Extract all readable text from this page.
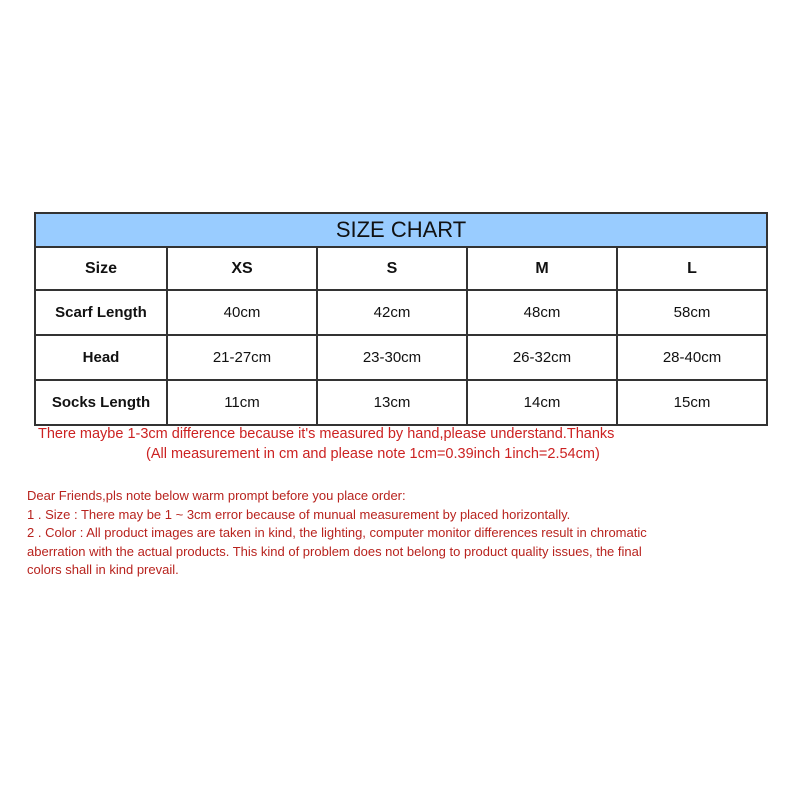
SIZE CHART				
Size	XS	S	M	L
Scarf Length	40cm	42cm	48cm	58cm
Head	21-27cm	23-30cm	26-32cm	28-40cm
Socks Length	11cm	13cm	14cm	15cm
There maybe 1-3cm difference because it's measured by hand,please understand.Thanks
(All measurement in cm and please note 1cm=0.39inch 1inch=2.54cm)
Dear Friends,pls note below warm prompt before you place order:
1 . Size : There may be 1 ~ 3cm error because of munual measurement by placed horizontally.
2 . Color : All product images are taken in kind, the lighting, computer monitor differences result in chromatic
aberration with the actual products. This kind of problem does not belong to product quality issues, the final
colors shall in kind prevail.
